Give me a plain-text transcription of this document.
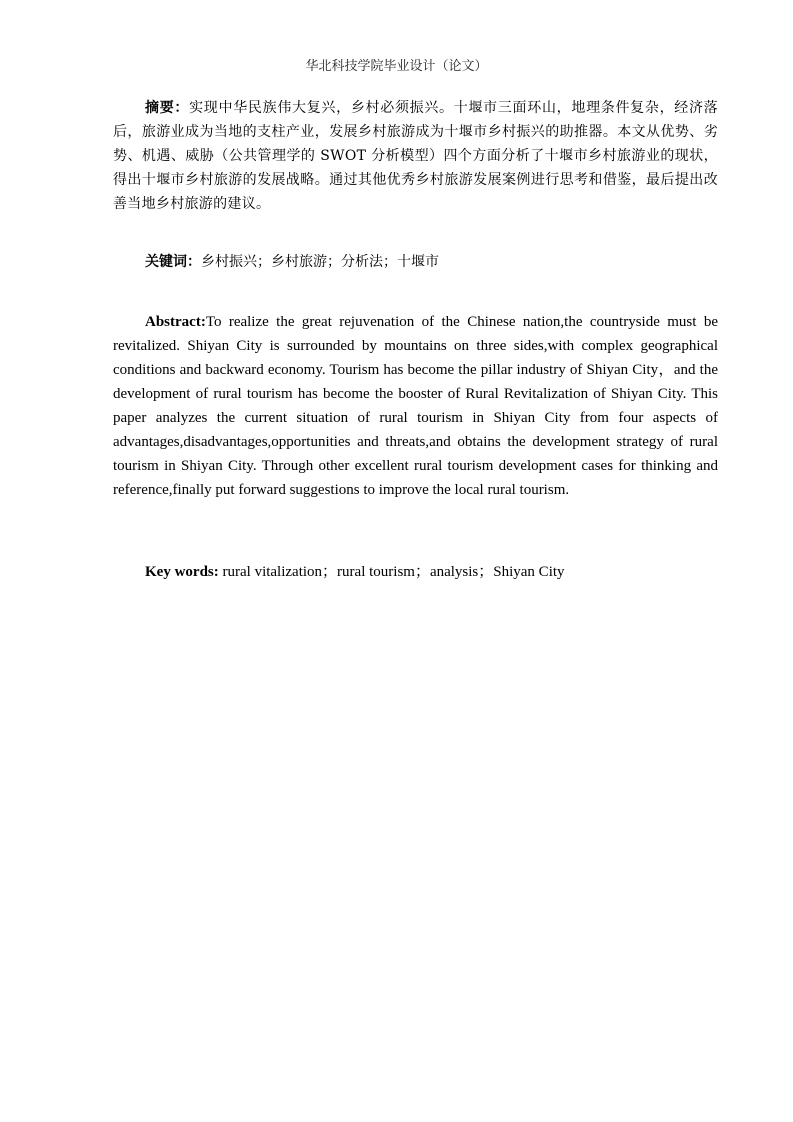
华北科技学院毕业设计（论文）
摘要：实现中华民族伟大复兴，乡村必须振兴。十堰市三面环山，地理条件复杂，经济落后，旅游业成为当地的支柱产业，发展乡村旅游成为十堰市乡村振兴的助推器。本文从优势、劣势、机遇、威胁（公共管理学的 SWOT 分析模型）四个方面分析了十堰市乡村旅游业的现状，得出十堰市乡村旅游的发展战略。通过其他优秀乡村旅游发展案例进行思考和借鉴，最后提出改善当地乡村旅游的建议。
关键词：乡村振兴；乡村旅游；分析法；十堰市
Abstract:To realize the great rejuvenation of the Chinese nation,the countryside must be revitalized. Shiyan City is surrounded by mountains on three sides,with complex geographical conditions and backward economy. Tourism has become the pillar industry of Shiyan City，and the development of rural tourism has become the booster of Rural Revitalization of Shiyan City. This paper analyzes the current situation of rural tourism in Shiyan City from four aspects of advantages,disadvantages,opportunities and threats,and obtains the development strategy of rural tourism in Shiyan City. Through other excellent rural tourism development cases for thinking and reference,finally put forward suggestions to improve the local rural tourism.
Key words: rural vitalization；rural tourism；analysis；Shiyan City
